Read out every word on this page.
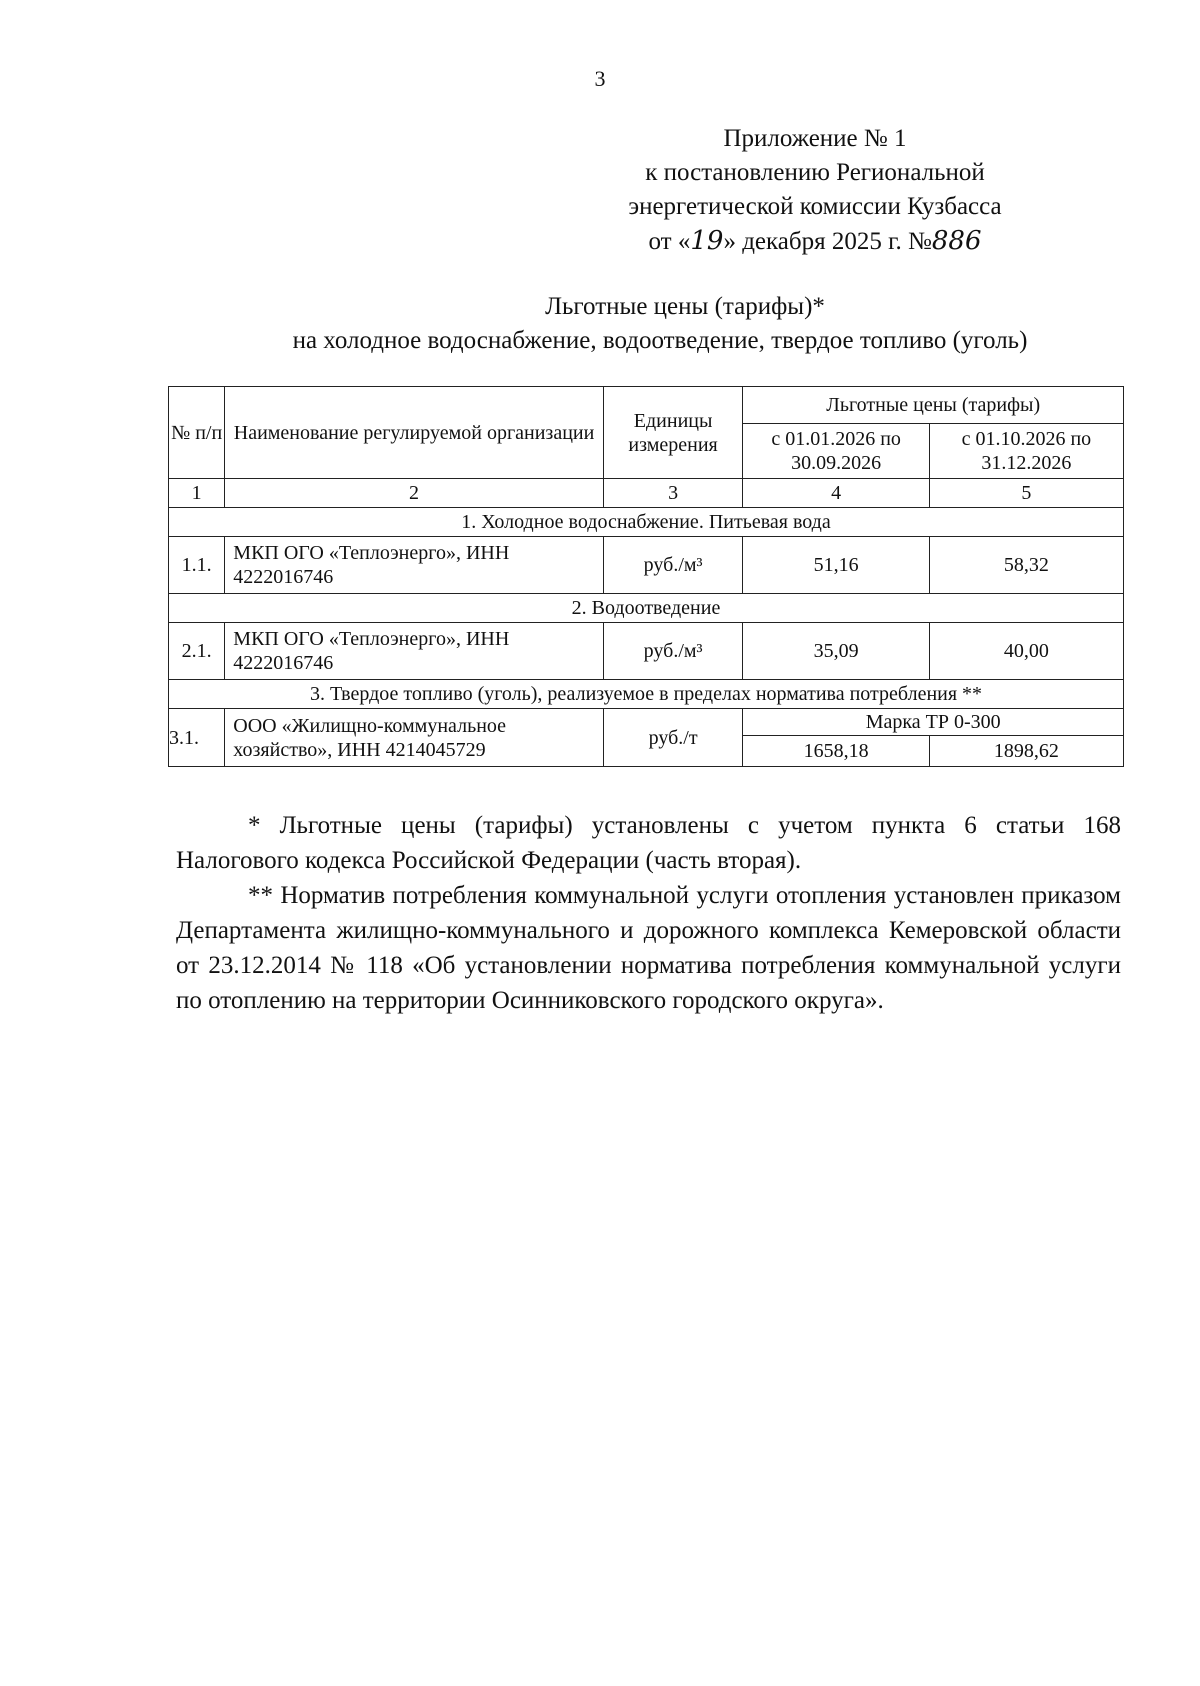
3
Приложение № 1
к постановлению Региональной
энергетической комиссии Кузбасса
от «19» декабря 2025 г. №886
Льготные цены (тарифы)*
на холодное водоснабжение, водоотведение, твердое топливо (уголь)
№ п/п	Наименование регулируемой организации	Единицы измерения	Льготные цены (тарифы)	
			с 01.01.2026 по 30.09.2026	с 01.10.2026 по 31.12.2026
1	2	3	4	5
1. Холодное водоснабжение. Питьевая вода				
1.1.	МКП ОГО «Теплоэнерго», ИНН 4222016746	руб./м³	51,16	58,32
2. Водоотведение				
2.1.	МКП ОГО «Теплоэнерго», ИНН 4222016746	руб./м³	35,09	40,00
3. Твердое топливо (уголь), реализуемое в пределах норматива потребления **				
3.1.	ООО «Жилищно-коммунальное хозяйство», ИНН 4214045729	руб./т	Марка ТР 0-300	
			1658,18	1898,62

* Льготные цены (тарифы) установлены с учетом пункта 6 статьи 168 Налогового кодекса Российской Федерации (часть вторая).

** Норматив потребления коммунальной услуги отопления установлен приказом Департамента жилищно-коммунального и дорожного комплекса Кемеровской области от 23.12.2014 № 118 «Об установлении норматива потребления коммунальной услуги по отоплению на территории Осинниковского городского округа».
